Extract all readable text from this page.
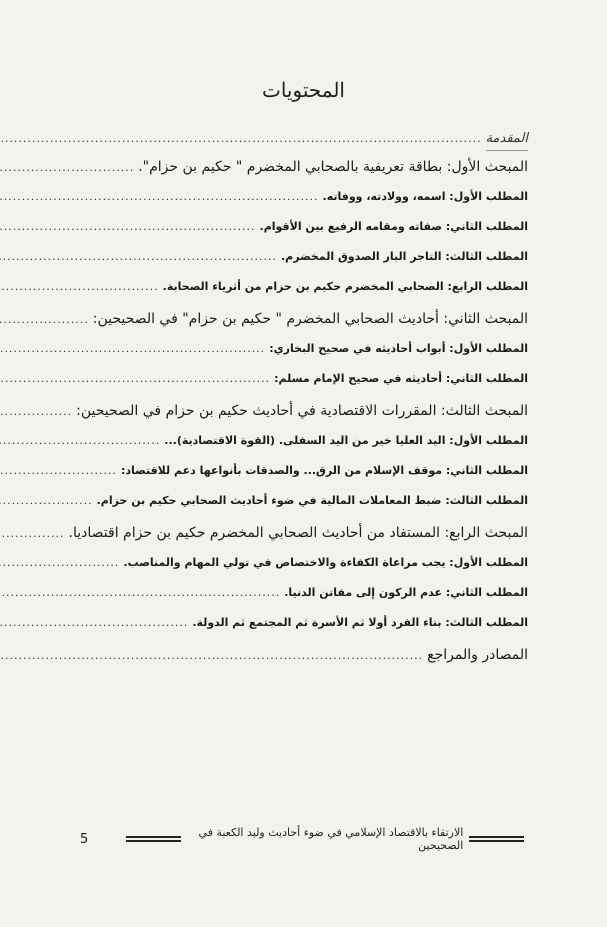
المحتويات
المقدمة
.....
المبحث الأول: بطاقة تعريفية بالصحابي المخضرم " حكيم بن حزام".
.....
المطلب الأول: اسمه، وولادته، ووفاته.
.....
المطلب الثاني: صفاته ومقامه الرفيع بين الأقوام.
.....
المطلب الثالث: التاجر البار الصدوق المخضرم.
.....
المطلب الرابع: الصحابي المخضرم حكيم بن حزام من أثرياء الصحابة.
.....
المبحث الثاني: أحاديث الصحابي المخضرم " حكيم بن حزام" في الصحيحين:
.....
المطلب الأول: أبواب أحاديثه في صحيح البخاري:
.....
المطلب الثاني: أحاديثه في صحيح الإمام مسلم:
.....
المبحث الثالث: المقررات الاقتصادية في أحاديث حكيم بن حزام في الصحيحين:
.....
المطلب الأول: اليد العليا خير من اليد السفلى. (القوة الاقتصادية)...
.....
المطلب الثاني: موقف الإسلام من الرق... والصدقات بأنواعها دعم للاقتصاد:
.....
المطلب الثالث: ضبط المعاملات المالية في ضوء أحاديث الصحابي حكيم بن حزام.
.....
المبحث الرابع: المستفاد من أحاديث الصحابي المخضرم حكيم بن حزام اقتصاديا.
.....
المطلب الأول: يجب مراعاة الكفاءة والاختصاص في تولي المهام والمناصب.
.....
المطلب الثاني: عدم الركون إلى مفاتن الدنيا.
.....
المطلب الثالث: بناء الفرد أولا ثم الأسرة ثم المجتمع ثم الدولة.
.....
المصادر والمراجع
.....
5	الارتقاء بالاقتصاد الإسلامي في ضوء أحاديث وليد الكعبة في الصحيحين
